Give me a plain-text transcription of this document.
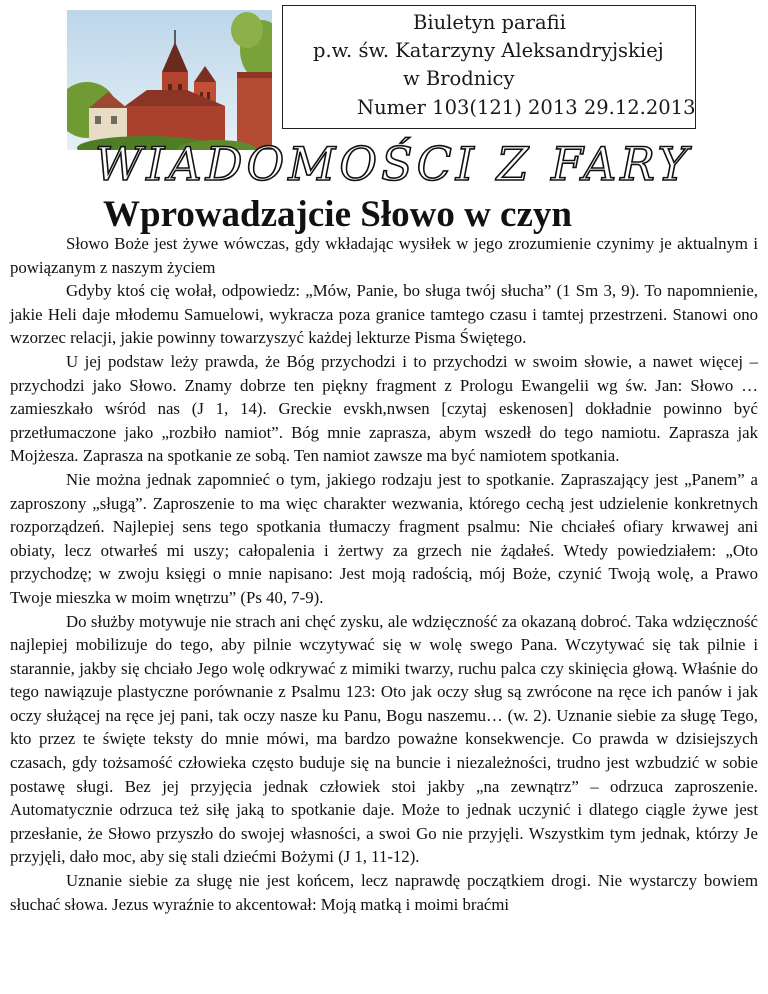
Biuletyn parafii
p.w. św. Katarzyny Aleksandryjskiej
w Brodnicy
Numer 103(121) 2013 29.12.2013
WIADOMOŚCI Z FARY
Wprowadzajcie Słowo w czyn

Słowo Boże jest żywe wówczas, gdy wkładając wysiłek w jego zrozumienie czynimy je aktualnym i powiązanym z naszym życiem

Gdyby ktoś cię wołał, odpowiedz: „Mów, Panie, bo sługa twój słucha” (1 Sm 3, 9). To napomnienie, jakie Heli daje młodemu Samuelowi, wykracza poza granice tamtego czasu i tamtej przestrzeni. Stanowi ono wzorzec relacji, jakie powinny towarzyszyć każdej lekturze Pisma Świętego.

U jej podstaw leży prawda, że Bóg przychodzi i to przychodzi w swoim słowie, a nawet więcej – przychodzi jako Słowo. Znamy dobrze ten piękny fragment z Prologu Ewangelii wg św. Jan: Słowo … zamieszkało wśród nas (J 1, 14). Greckie evskh,nwsen [czytaj eskenosen] dokładnie powinno być przetłumaczone jako „rozbiło namiot”. Bóg mnie zaprasza, abym wszedł do tego namiotu. Zaprasza jak Mojżesza. Zaprasza na spotkanie ze sobą. Ten namiot zawsze ma być namiotem spotkania.

Nie można jednak zapomnieć o tym, jakiego rodzaju jest to spotkanie. Zapraszający jest „Panem” a zaproszony „sługą”. Zaproszenie to ma więc charakter wezwania, którego cechą jest udzielenie konkretnych rozporządzeń. Najlepiej sens tego spotkania tłumaczy fragment psalmu: Nie chciałeś ofiary krwawej ani obiaty, lecz otwarłeś mi uszy; całopalenia i żertwy za grzech nie żądałeś. Wtedy powiedziałem: „Oto przychodzę; w zwoju księgi o mnie napisano: Jest moją radością, mój Boże, czynić Twoją wolę, a Prawo Twoje mieszka w moim wnętrzu” (Ps 40, 7-9).

Do służby motywuje nie strach ani chęć zysku, ale wdzięczność za okazaną dobroć. Taka wdzięczność najlepiej mobilizuje do tego, aby pilnie wczytywać się w wolę swego Pana. Wczytywać się tak pilnie i starannie, jakby się chciało Jego wolę odkrywać z mimiki twarzy, ruchu palca czy skinięcia głową. Właśnie do tego nawiązuje plastyczne porównanie z Psalmu 123: Oto jak oczy sług są zwrócone na ręce ich panów i jak oczy służącej na ręce jej pani, tak oczy nasze ku Panu, Bogu naszemu… (w. 2). Uznanie siebie za sługę Tego, kto przez te święte teksty do mnie mówi, ma bardzo poważne konsekwencje. Co prawda w dzisiejszych czasach, gdy tożsamość człowieka często buduje się na buncie i niezależności, trudno jest wzbudzić w sobie postawę sługi. Bez jej przyjęcia jednak człowiek stoi jakby „na zewnątrz” – odrzuca zaproszenie. Automatycznie odrzuca też siłę jaką to spotkanie daje. Może to jednak uczynić i dlatego ciągle żywe jest przesłanie, że Słowo przyszło do swojej własności, a swoi Go nie przyjęli. Wszystkim tym jednak, którzy Je przyjęli, dało moc, aby się stali dziećmi Bożymi (J 1, 11-12).

Uznanie siebie za sługę nie jest końcem, lecz naprawdę początkiem drogi. Nie wystarczy bowiem słuchać słowa. Jezus wyraźnie to akcentował: Moją matką i moimi braćmi
